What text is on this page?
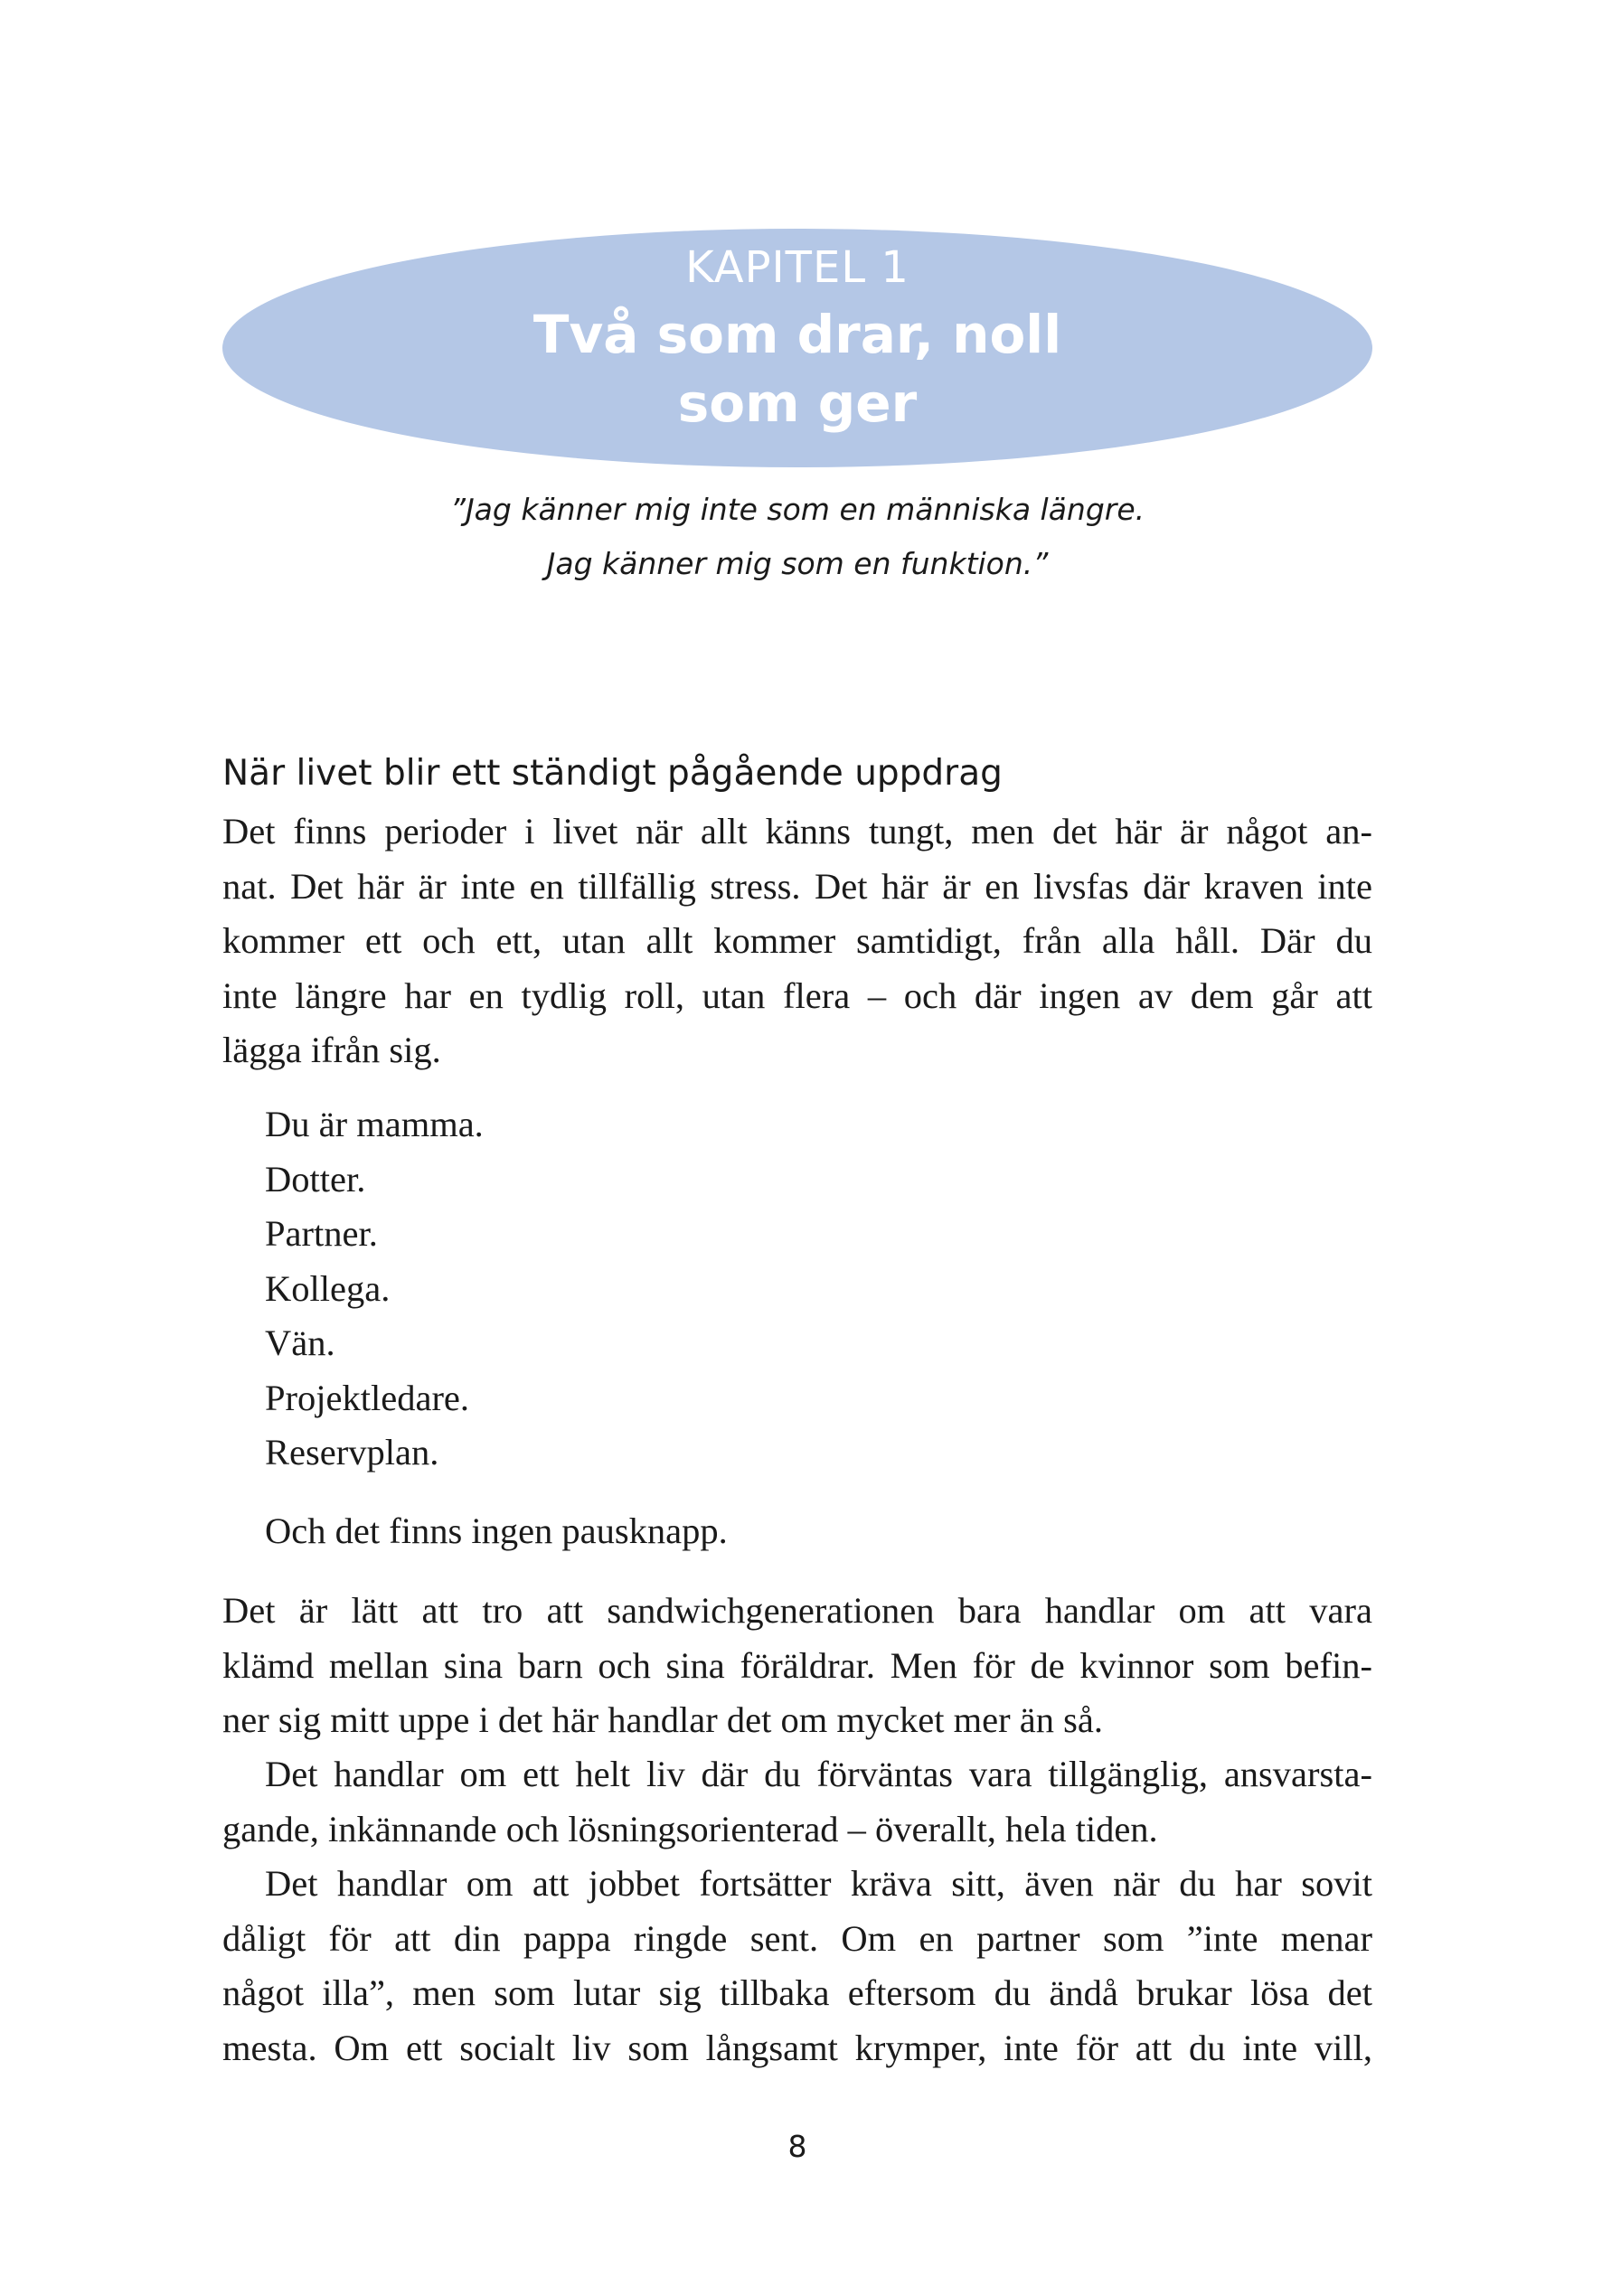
KAPITEL 1
Två som drar, noll
som ger
”Jag känner mig inte som en människa längre.
Jag känner mig som en funktion.”
När livet blir ett ständigt pågående uppdrag

Det finns perioder i livet när allt känns tungt, men det här är något an-

nat. Det här är inte en tillfällig stress. Det här är en livsfas där kraven inte

kommer ett och ett, utan allt kommer samtidigt, från alla håll. Där du

inte längre har en tydlig roll, utan flera – och där ingen av dem går att

lägga ifrån sig.

Du är mamma.
Dotter.
Partner.
Kollega.
Vän.
Projektledare.
Reservplan.
Och det finns ingen pausknapp.

Det är lätt att tro att sandwichgenerationen bara handlar om att vara

klämd mellan sina barn och sina föräldrar. Men för de kvinnor som befin-

ner sig mitt uppe i det här handlar det om mycket mer än så.

Det handlar om ett helt liv där du förväntas vara tillgänglig, ansvarsta-

gande, inkännande och lösningsorienterad – överallt, hela tiden.

Det handlar om att jobbet fortsätter kräva sitt, även när du har sovit

dåligt för att din pappa ringde sent. Om en partner som ”inte menar

något illa”, men som lutar sig tillbaka eftersom du ändå brukar lösa det

mesta. Om ett socialt liv som långsamt krymper, inte för att du inte vill,

8
